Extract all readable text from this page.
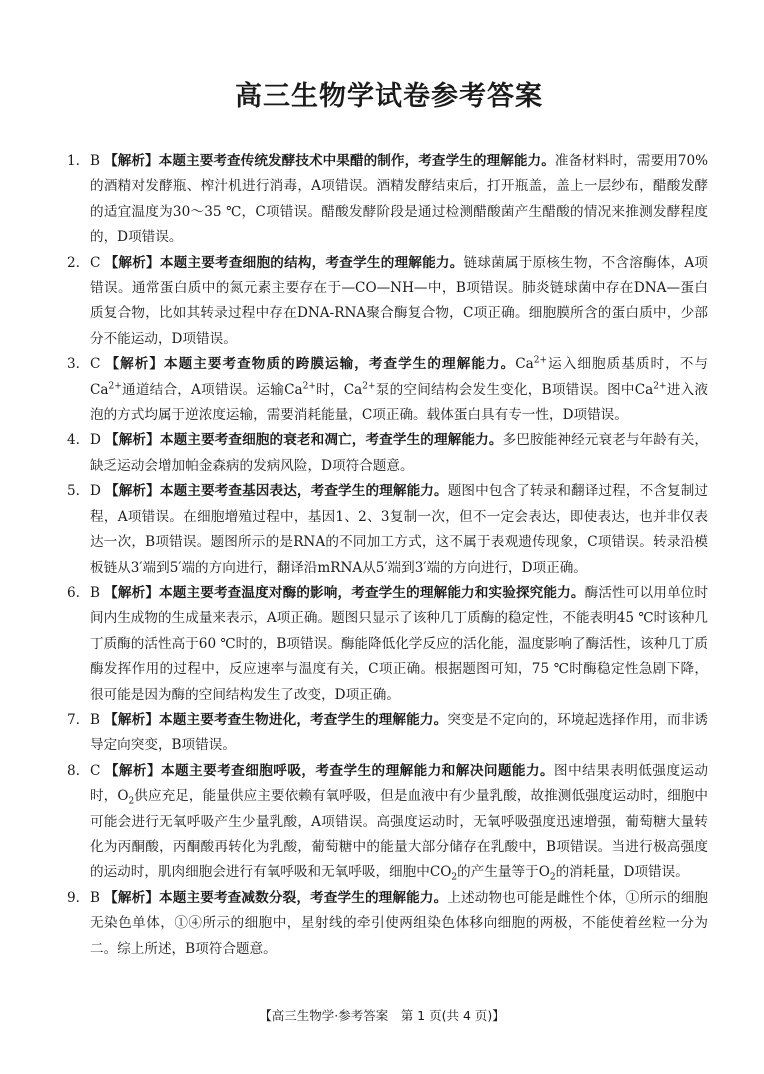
高三生物学试卷参考答案

1. B 【解析】本题主要考查传统发酵技术中果醋的制作，考查学生的理解能力。准备材料时，需要用70%的酒精对发酵瓶、榨汁机进行消毒，A项错误。酒精发酵结束后，打开瓶盖，盖上一层纱布，醋酸发酵的适宜温度为30～35 ℃，C项错误。醋酸发酵阶段是通过检测醋酸菌产生醋酸的情况来推测发酵程度的，D项错误。

2. C 【解析】本题主要考查细胞的结构，考查学生的理解能力。链球菌属于原核生物，不含溶酶体，A项错误。通常蛋白质中的氮元素主要存在于—CO—NH—中，B项错误。肺炎链球菌中存在DNA—蛋白质复合物，比如其转录过程中存在DNA-RNA聚合酶复合物，C项正确。细胞膜所含的蛋白质中，少部分不能运动，D项错误。

3. C 【解析】本题主要考查物质的跨膜运输，考查学生的理解能力。$Ca^{2+}$运入细胞质基质时，不与$Ca^{2+}$通道结合，A项错误。运输$Ca^{2+}$时，$Ca^{2+}$泵的空间结构会发生变化，B项错误。图中$Ca^{2+}$进入液泡的方式均属于逆浓度运输，需要消耗能量，C项正确。载体蛋白具有专一性，D项错误。

4. D 【解析】本题主要考查细胞的衰老和凋亡，考查学生的理解能力。多巴胺能神经元衰老与年龄有关，缺乏运动会增加帕金森病的发病风险，D项符合题意。

5. D 【解析】本题主要考查基因表达，考查学生的理解能力。题图中包含了转录和翻译过程，不含复制过程，A项错误。在细胞增殖过程中，基因1、2、3复制一次，但不一定会表达，即使表达，也并非仅表达一次，B项错误。题图所示的是RNA的不同加工方式，这不属于表观遗传现象，C项错误。转录沿模板链从3′端到5′端的方向进行，翻译沿mRNA从5′端到3′端的方向进行，D项正确。

6. B 【解析】本题主要考查温度对酶的影响，考查学生的理解能力和实验探究能力。酶活性可以用单位时间内生成物的生成量来表示，A项正确。题图只显示了该种几丁质酶的稳定性，不能表明45 ℃时该种几丁质酶的活性高于60 ℃时的，B项错误。酶能降低化学反应的活化能，温度影响了酶活性，该种几丁质酶发挥作用的过程中，反应速率与温度有关，C项正确。根据题图可知，75 ℃时酶稳定性急剧下降，很可能是因为酶的空间结构发生了改变，D项正确。

7. B 【解析】本题主要考查生物进化，考查学生的理解能力。突变是不定向的，环境起选择作用，而非诱导定向突变，B项错误。

8. C 【解析】本题主要考查细胞呼吸，考查学生的理解能力和解决问题能力。图中结果表明低强度运动时，$O_2$供应充足，能量供应主要依赖有氧呼吸，但是血液中有少量乳酸，故推测低强度运动时，细胞中可能会进行无氧呼吸产生少量乳酸，A项错误。高强度运动时，无氧呼吸强度迅速增强，葡萄糖大量转化为丙酮酸，丙酮酸再转化为乳酸，葡萄糖中的能量大部分储存在乳酸中，B项错误。当进行极高强度的运动时，肌肉细胞会进行有氧呼吸和无氧呼吸，细胞中$CO_2$的产生量等于$O_2$的消耗量，D项错误。

9. B 【解析】本题主要考查减数分裂，考查学生的理解能力。上述动物也可能是雌性个体，①所示的细胞无染色单体，①④所示的细胞中，星射线的牵引使两组染色体移向细胞的两极，不能使着丝粒一分为二。综上所述，B项符合题意。

【高三生物学·参考答案　第 1 页(共 4 页)】
